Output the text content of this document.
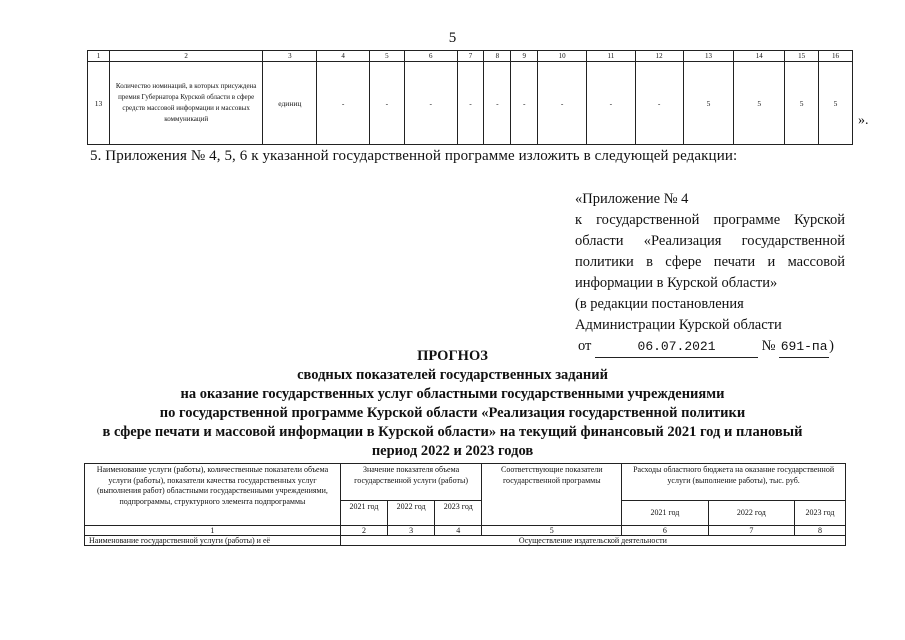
5
1	2	3	4	5	6	7	8	9	10	11	12	13	14	15	16
13	Количество номинаций, в которых присуждена премия Губернатора Курской области в сфере средств массовой информации и массовых коммуникаций	единиц	-	-	-	-	-	-	-	-	-	5	5	5	5
».
5. Приложения № 4, 5, 6 к указанной государственной программе изложить в следующей редакции:
«Приложение № 4
к государственной программе Курской
области «Реализация государственной
политики в сфере печати и массовой
информации в Курской области»
(в редакции постановления
Администрации Курской области
от	06.07.2021	№ 691-па )
ПРОГНОЗ
сводных показателей государственных заданий
на оказание государственных услуг областными государственными учреждениями
по государственной программе Курской области «Реализация государственной политики
в сфере печати и массовой информации в Курской области» на текущий финансовый 2021 год и плановый
период 2022 и 2023 годов
Наименование услуги (работы), количественные показатели объема услуги (работы), показатели качества государственных услуг (выполнения работ) областными государственными учреждениями, подпрограммы, структурного элемента подпрограммы	Значение показателя объема государственной услуги (работы)			Соответствующие показатели государственной программы	Расходы областного бюджета на оказание государственной услуги (выполнение работы), тыс. руб.		
	2021 год	2022 год	2023 год		2021 год	2022 год	2023 год
1	2	3	4	5	6	7	8
Наименование государственной услуги (работы) и её	Осуществление издательской деятельности						
